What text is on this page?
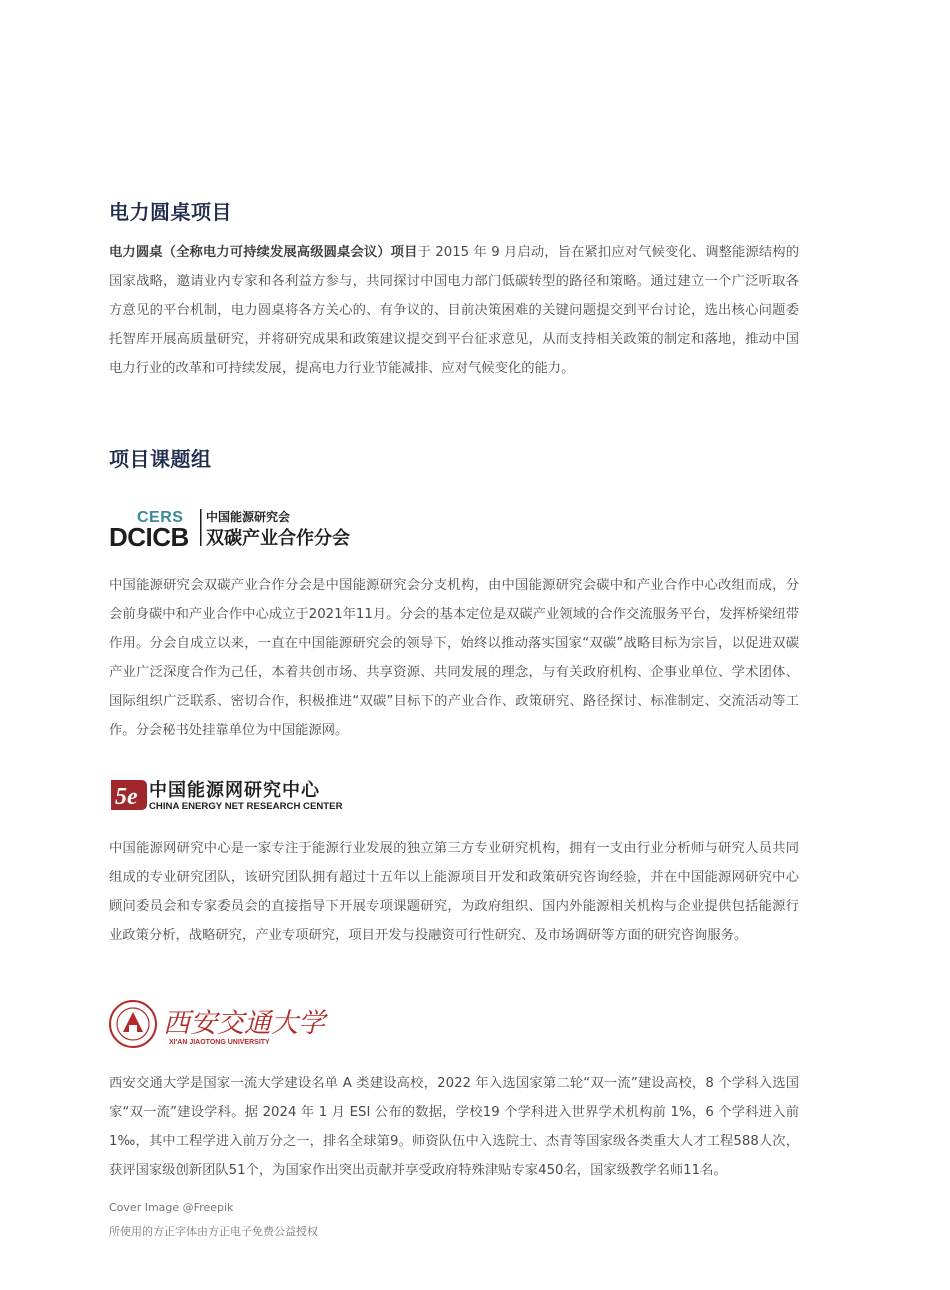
电力圆桌项目

电力圆桌（全称电力可持续发展高级圆桌会议）项目于 2015 年 9 月启动，旨在紧扣应对气候变化、调整能源结构的国家战略，邀请业内专家和各利益方参与，共同探讨中国电力部门低碳转型的路径和策略。通过建立一个广泛听取各方意见的平台机制，电力圆桌将各方关心的、有争议的、目前决策困难的关键问题提交到平台讨论，选出核心问题委托智库开展高质量研究，并将研究成果和政策建议提交到平台征求意见，从而支持相关政策的制定和落地，推动中国电力行业的改革和可持续发展，提高电力行业节能减排、应对气候变化的能力。

项目课题组
CERS
DCICB
中国能源研究会
双碳产业合作分会

中国能源研究会双碳产业合作分会是中国能源研究会分支机构，由中国能源研究会碳中和产业合作中心改组而成，分会前身碳中和产业合作中心成立于2021年11月。分会的基本定位是双碳产业领域的合作交流服务平台，发挥桥梁纽带作用。分会自成立以来，一直在中国能源研究会的领导下，始终以推动落实国家“双碳”战略目标为宗旨，以促进双碳产业广泛深度合作为己任，本着共创市场、共享资源、共同发展的理念，与有关政府机构、企事业单位、学术团体、国际组织广泛联系、密切合作，积极推进“双碳”目标下的产业合作、政策研究、路径探讨、标准制定、交流活动等工作。分会秘书处挂靠单位为中国能源网。

5e 中国能源网研究中心
CHINA ENERGY NET RESEARCH CENTER

中国能源网研究中心是一家专注于能源行业发展的独立第三方专业研究机构，拥有一支由行业分析师与研究人员共同组成的专业研究团队，该研究团队拥有超过十五年以上能源项目开发和政策研究咨询经验，并在中国能源网研究中心顾问委员会和专家委员会的直接指导下开展专项课题研究，为政府组织、国内外能源相关机构与企业提供包括能源行业政策分析，战略研究，产业专项研究，项目开发与投融资可行性研究、及市场调研等方面的研究咨询服务。

西安交通大学
XI'AN JIAOTONG UNIVERSITY

西安交通大学是国家一流大学建设名单 A 类建设高校，2022 年入选国家第二轮“双一流”建设高校，8 个学科入选国家“双一流”建设学科。据 2024 年 1 月 ESI 公布的数据，学校19 个学科进入世界学术机构前 1%，6 个学科进入前 1‰，其中工程学进入前万分之一，排名全球第9。师资队伍中入选院士、杰青等国家级各类重大人才工程588人次，获评国家级创新团队51个，为国家作出突出贡献并享受政府特殊津贴专家450名，国家级教学名师11名。

Cover Image @Freepik

所使用的方正字体由方正电子免费公益授权
